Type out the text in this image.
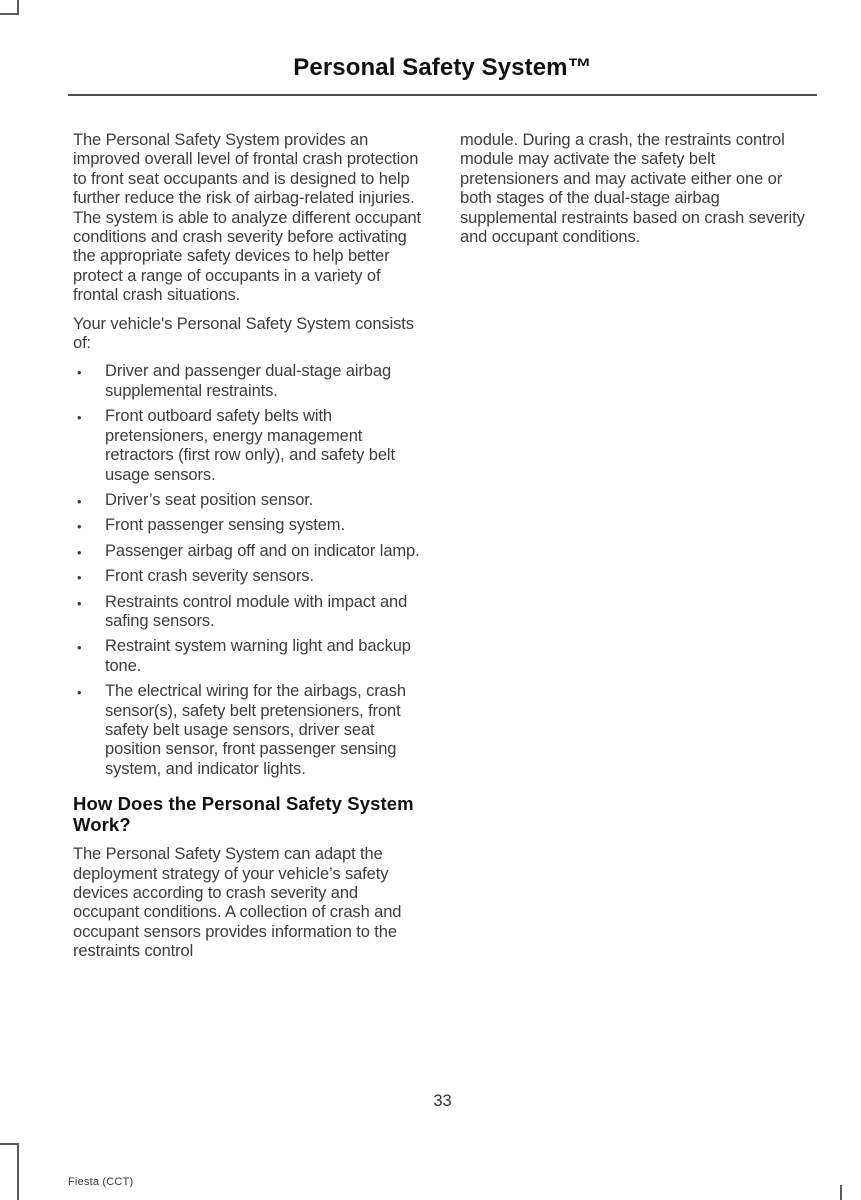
Personal Safety System™

The Personal Safety System provides an improved overall level of frontal crash protection to front seat occupants and is designed to help further reduce the risk of airbag-related injuries. The system is able to analyze different occupant conditions and crash severity before activating the appropriate safety devices to help better protect a range of occupants in a variety of frontal crash situations.

Your vehicle's Personal Safety System consists of:

• Driver and passenger dual-stage airbag supplemental restraints.
• Front outboard safety belts with pretensioners, energy management retractors (first row only), and safety belt usage sensors.
• Driver’s seat position sensor.
• Front passenger sensing system.
• Passenger airbag off and on indicator lamp.
• Front crash severity sensors.
• Restraints control module with impact and safing sensors.
• Restraint system warning light and backup tone.
• The electrical wiring for the airbags, crash sensor(s), safety belt pretensioners, front safety belt usage sensors, driver seat position sensor, front passenger sensing system, and indicator lights.
How Does the Personal Safety System Work?

The Personal Safety System can adapt the deployment strategy of your vehicle’s safety devices according to crash severity and occupant conditions. A collection of crash and occupant sensors provides information to the restraints control

module. During a crash, the restraints control module may activate the safety belt pretensioners and may activate either one or both stages of the dual-stage airbag supplemental restraints based on crash severity and occupant conditions.

33
Fiesta (CCT)
